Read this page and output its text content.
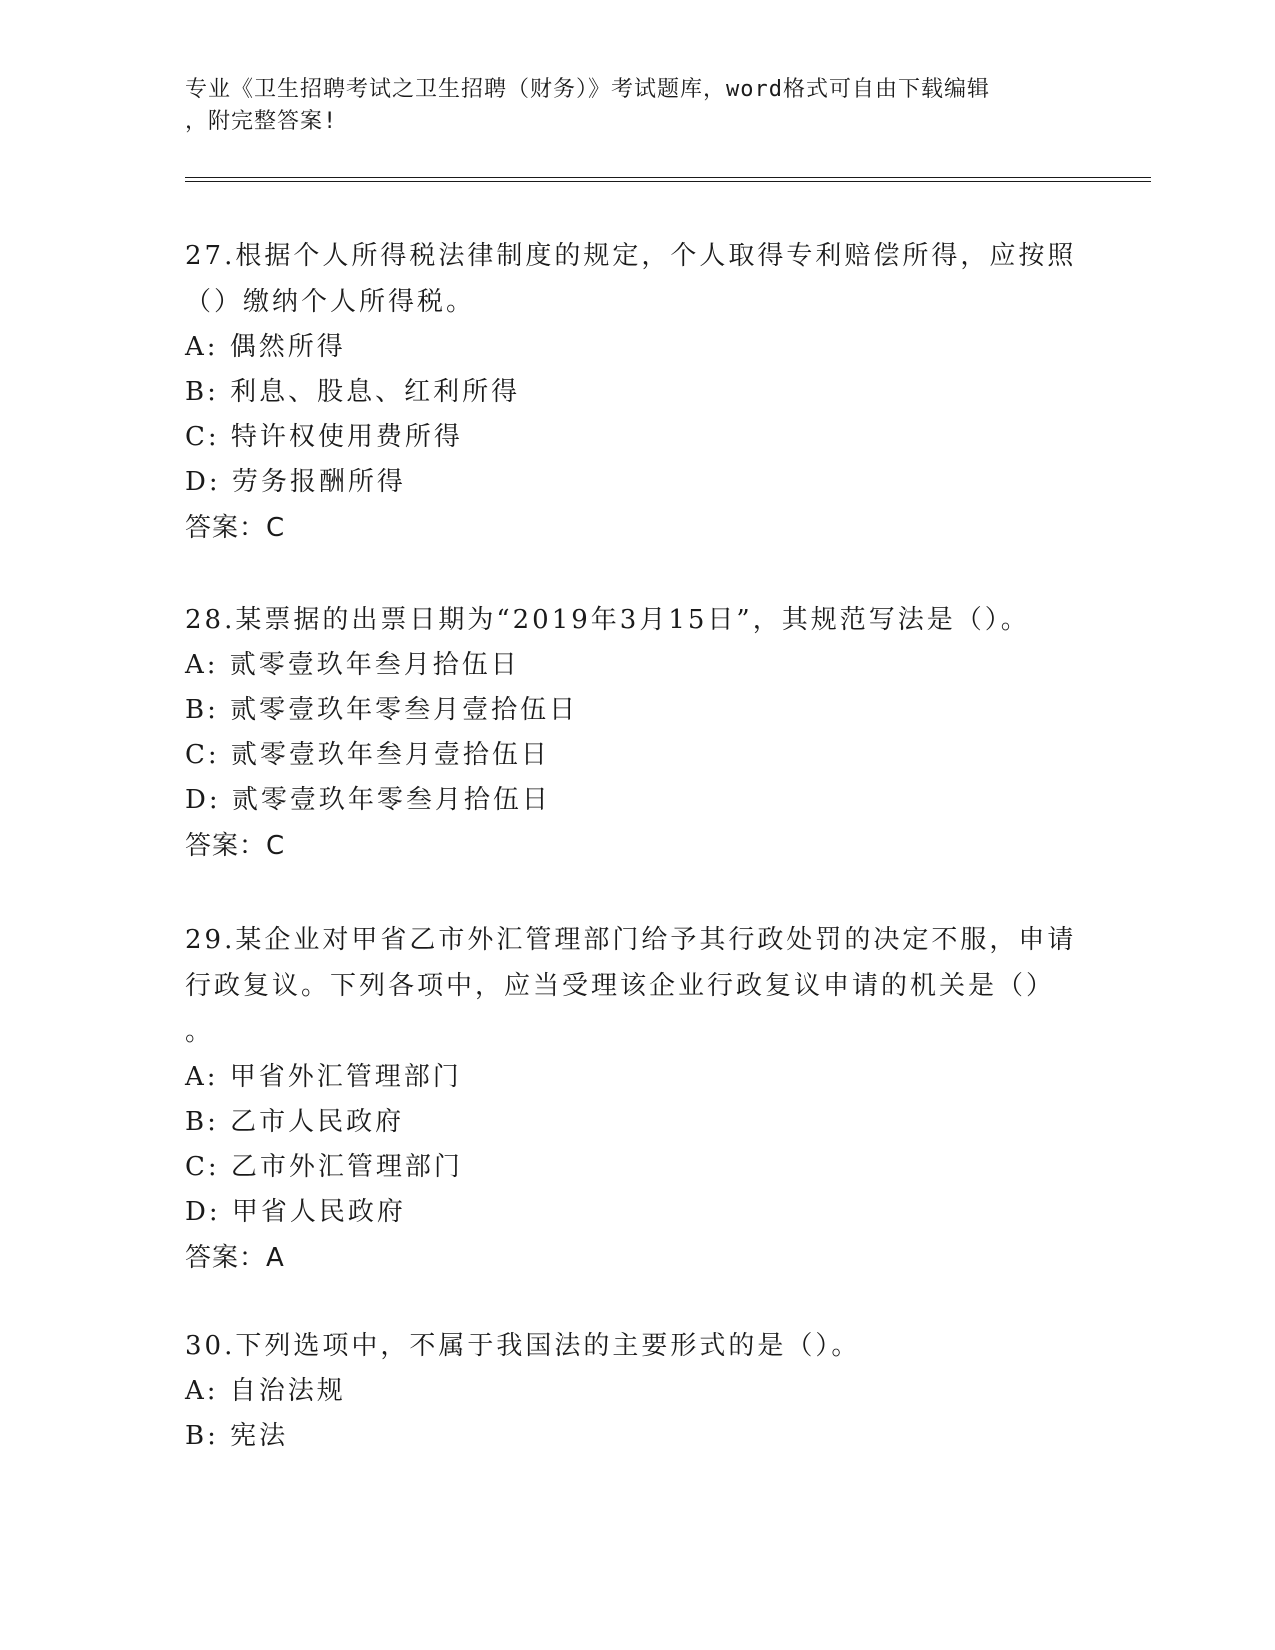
专业《卫生招聘考试之卫生招聘（财务）》考试题库，word格式可自由下载编辑
，附完整答案!

27.根据个人所得税法律制度的规定，个人取得专利赔偿所得，应按照

（）缴纳个人所得税。

A: 偶然所得

B: 利息、股息、红利所得

C: 特许权使用费所得

D: 劳务报酬所得

答案：C

28.某票据的出票日期为“2019年3月15日”，其规范写法是（）。

A: 贰零壹玖年叁月拾伍日

B: 贰零壹玖年零叁月壹拾伍日

C: 贰零壹玖年叁月壹拾伍日

D: 贰零壹玖年零叁月拾伍日

答案：C

29.某企业对甲省乙市外汇管理部门给予其行政处罚的决定不服，申请

行政复议。下列各项中，应当受理该企业行政复议申请的机关是（）

。

A: 甲省外汇管理部门

B: 乙市人民政府

C: 乙市外汇管理部门

D: 甲省人民政府

答案：A

30.下列选项中，不属于我国法的主要形式的是（）。

A: 自治法规

B: 宪法
